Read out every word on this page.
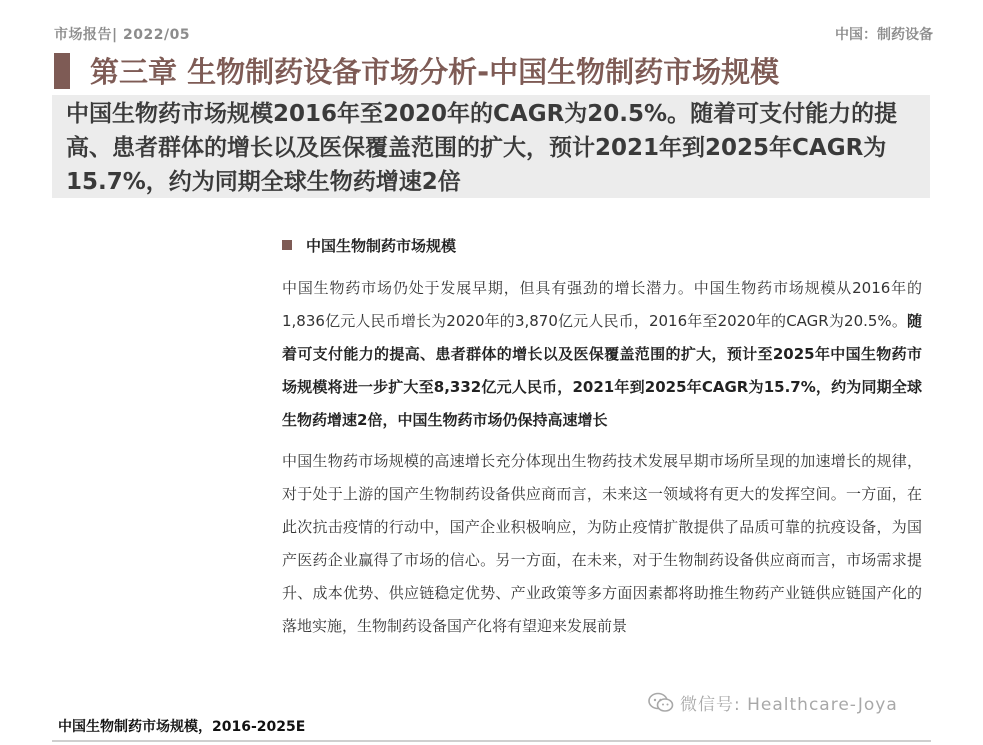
市场报告| 2022/05	中国：制药设备
第三章 生物制药设备市场分析-中国生物制药市场规模
中国生物药市场规模2016年至2020年的CAGR为20.5%。随着可支付能力的提高、患者群体的增长以及医保覆盖范围的扩大，预计2021年到2025年CAGR为15.7%，约为同期全球生物药增速2倍
中国生物制药市场规模
中国生物药市场仍处于发展早期，但具有强劲的增长潜力。中国生物药市场规模从2016年的1,836亿元人民币增长为2020年的3,870亿元人民币，2016年至2020年的CAGR为20.5%。随着可支付能力的提高、患者群体的增长以及医保覆盖范围的扩大，预计至2025年中国生物药市场规模将进一步扩大至8,332亿元人民币，2021年到2025年CAGR为15.7%，约为同期全球生物药增速2倍，中国生物药市场仍保持高速增长
中国生物药市场规模的高速增长充分体现出生物药技术发展早期市场所呈现的加速增长的规律，对于处于上游的国产生物制药设备供应商而言，未来这一领域将有更大的发挥空间。一方面，在此次抗击疫情的行动中，国产企业积极响应，为防止疫情扩散提供了品质可靠的抗疫设备，为国产医药企业赢得了市场的信心。另一方面，在未来，对于生物制药设备供应商而言，市场需求提升、成本优势、供应链稳定优势、产业政策等多方面因素都将助推生物药产业链供应链国产化的落地实施，生物制药设备国产化将有望迎来发展前景
中国生物制药市场规模，2016-2025E
微信号: Healthcare-Joya
